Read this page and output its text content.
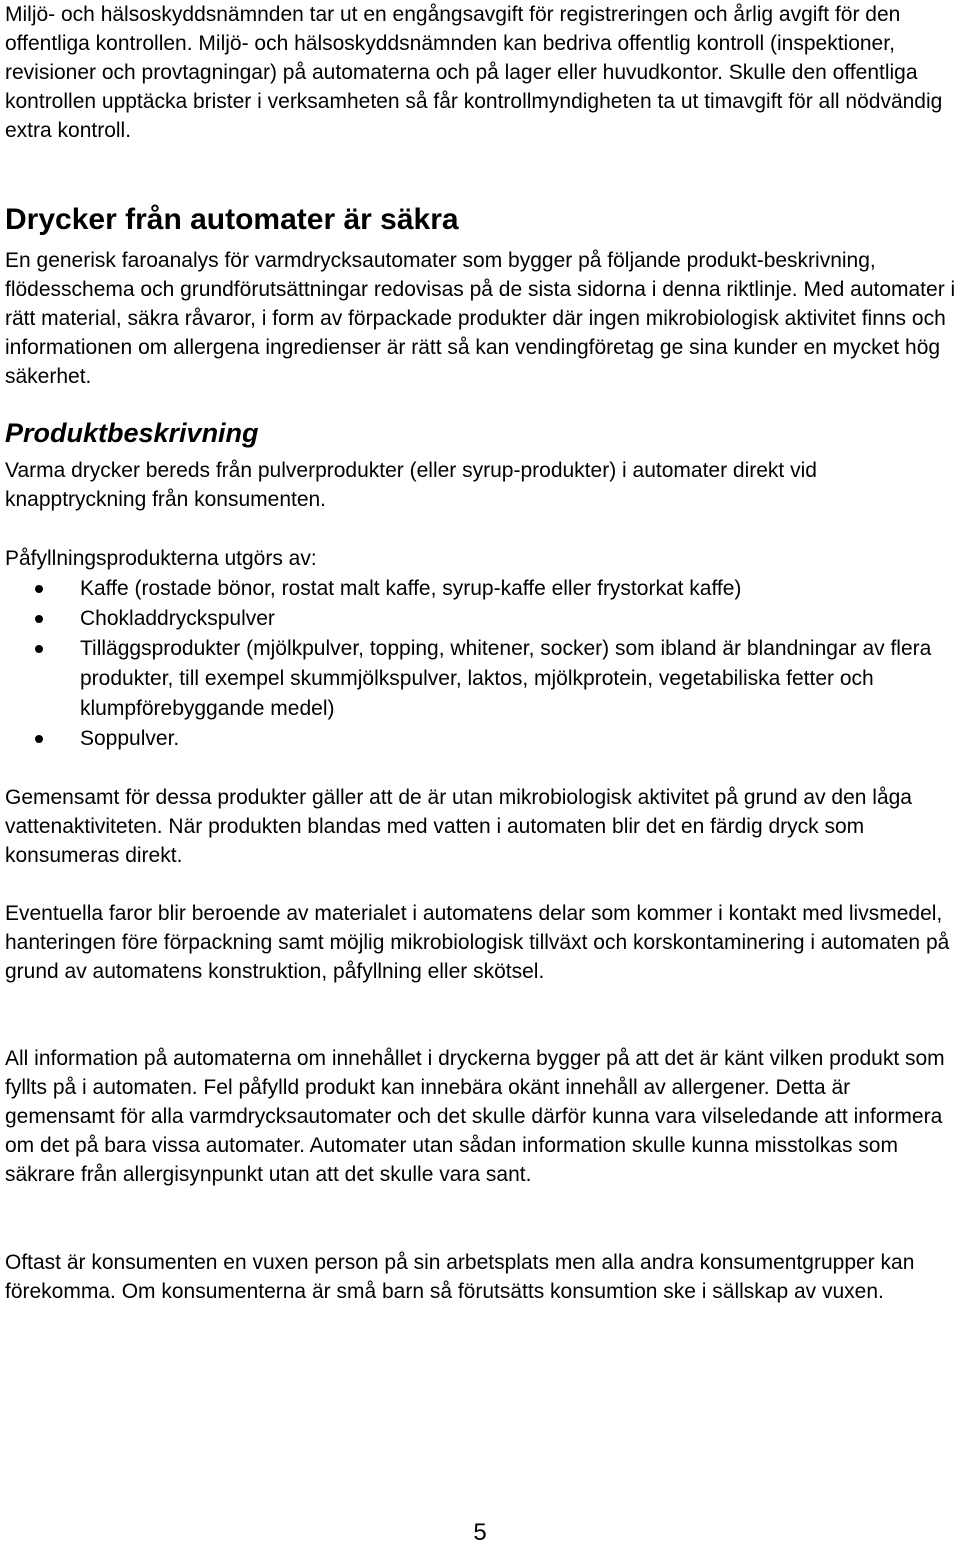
Miljö- och hälsoskyddsnämnden tar ut en engångsavgift för registreringen och årlig avgift för den offentliga kontrollen. Miljö- och hälsoskyddsnämnden kan bedriva offentlig kontroll (inspektioner, revisioner och provtagningar) på automaterna och på lager eller huvudkontor. Skulle den offentliga kontrollen upptäcka brister i verksamheten så får kontrollmyndigheten ta ut timavgift för all nödvändig extra kontroll.

Drycker från automater är säkra

En generisk faroanalys för varmdrycksautomater som bygger på följande produkt-beskrivning, flödesschema och grundförutsättningar redovisas på de sista sidorna i denna riktlinje. Med automater i rätt material, säkra råvaror, i form av förpackade produkter där ingen mikrobiologisk aktivitet finns och informationen om allergena ingredienser är rätt så kan vendingföretag ge sina kunder en mycket hög säkerhet.

Produktbeskrivning

Varma drycker bereds från pulverprodukter (eller syrup-produkter) i automater direkt vid knapptryckning från konsumenten.

Påfyllningsprodukterna utgörs av:

Kaffe (rostade bönor, rostat malt kaffe, syrup-kaffe eller frystorkat kaffe)
Chokladdryckspulver
Tilläggsprodukter (mjölkpulver, topping, whitener, socker) som ibland är blandningar av flera produkter, till exempel skummjölkspulver, laktos, mjölkprotein, vegetabiliska fetter och klumpförebyggande medel)
Soppulver.

Gemensamt för dessa produkter gäller att de är utan mikrobiologisk aktivitet på grund av den låga vattenaktiviteten. När produkten blandas med vatten i automaten blir det en färdig dryck som konsumeras direkt.

Eventuella faror blir beroende av materialet i automatens delar som kommer i kontakt med livsmedel, hanteringen före förpackning samt möjlig mikrobiologisk tillväxt och korskontaminering i automaten på grund av automatens konstruktion, påfyllning eller skötsel.

All information på automaterna om innehållet i dryckerna bygger på att det är känt vilken produkt som fyllts på i automaten. Fel påfylld produkt kan innebära okänt innehåll av allergener. Detta är gemensamt för alla varmdrycksautomater och det skulle därför kunna vara vilseledande att informera om det på bara vissa automater. Automater utan sådan information skulle kunna misstolkas som säkrare från allergisynpunkt utan att det skulle vara sant.

Oftast är konsumenten en vuxen person på sin arbetsplats men alla andra konsumentgrupper kan förekomma. Om konsumenterna är små barn så förutsätts konsumtion ske i sällskap av vuxen.

5
